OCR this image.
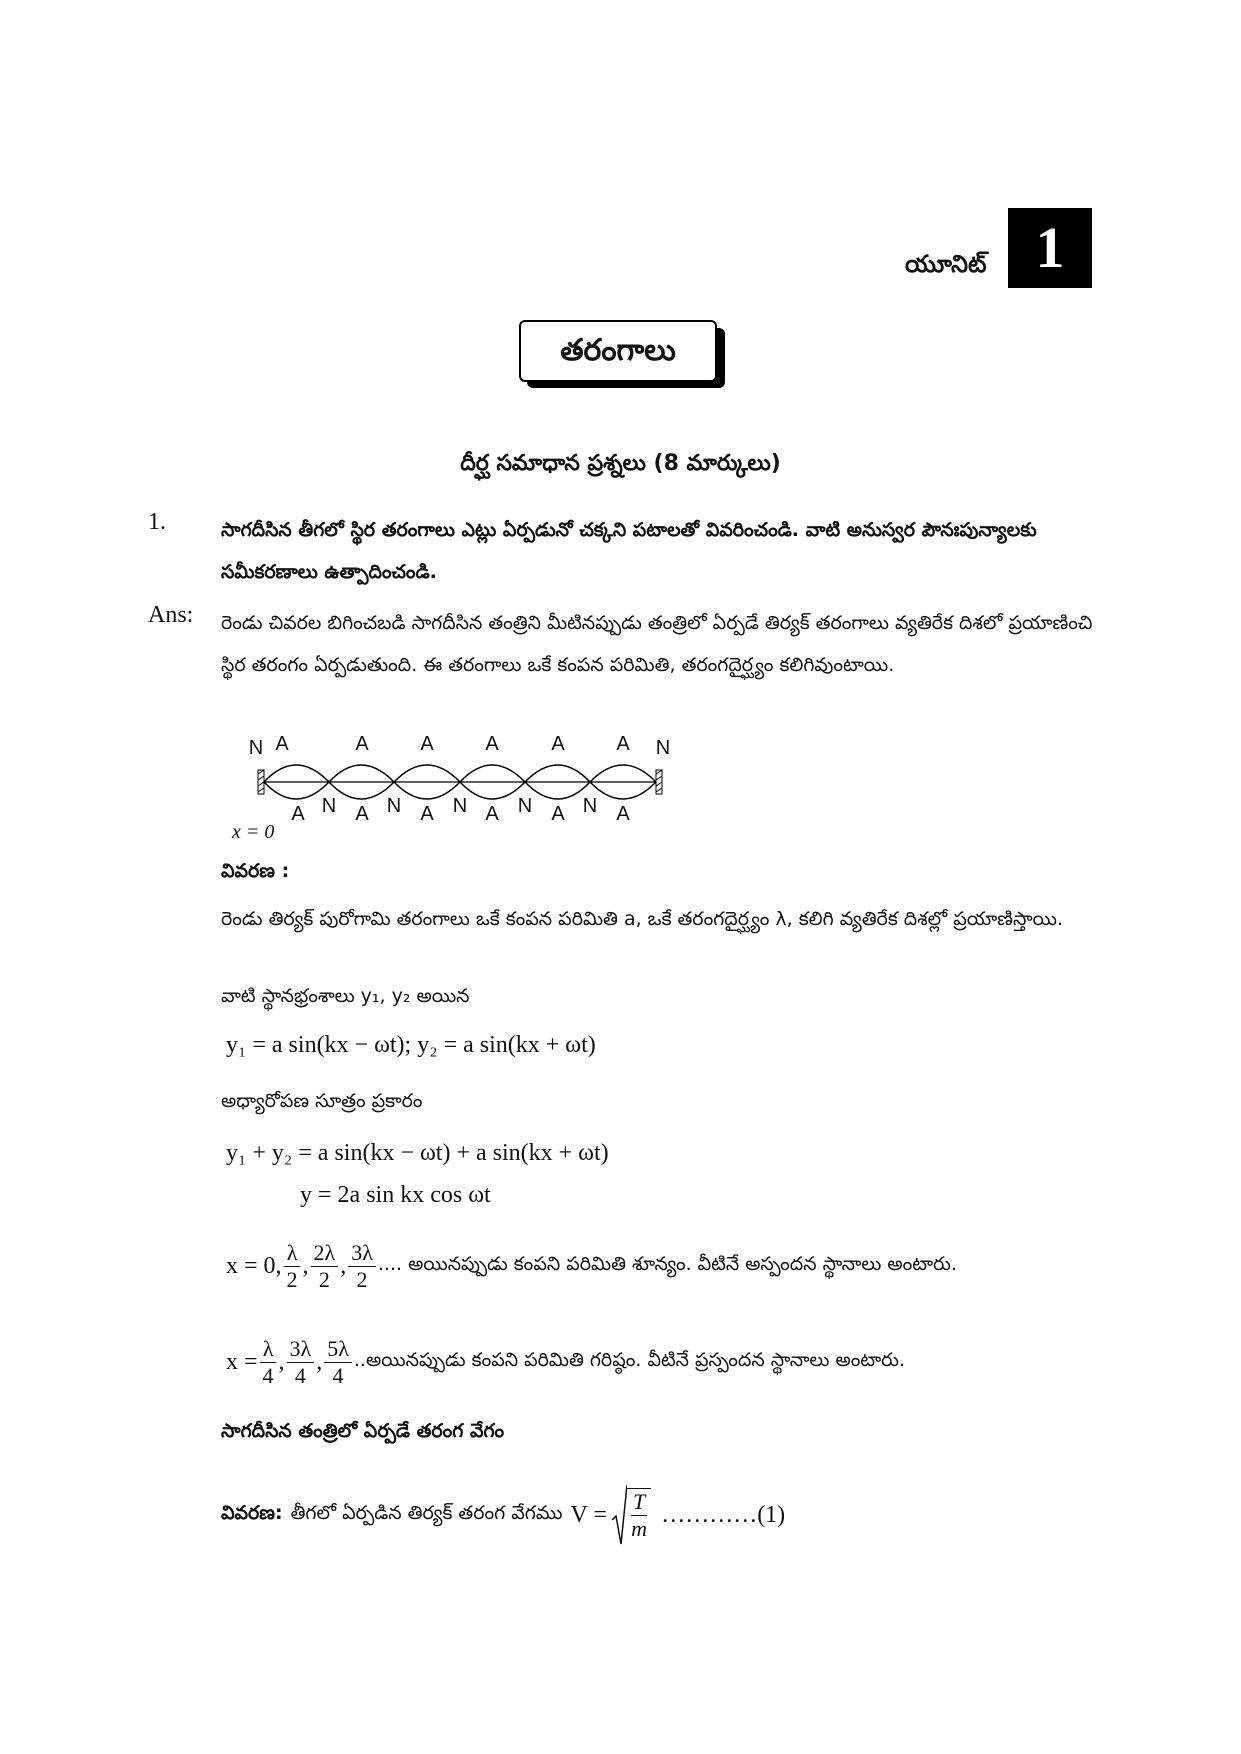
యూనిట్ 1
తరంగాలు
దీర్ఘ సమాధాన ప్రశ్నలు (8 మార్కులు)
1.	సాగదీసిన తీగలో స్థిర తరంగాలు ఎట్లు ఏర్పడునో చక్కని పటాలతో వివరించండి. వాటి అనుస్వర పౌనఃపున్యాలకు సమీకరణాలు ఉత్పాదించండి.
Ans: రెండు చివరల బిగించబడి సాగదీసిన తంత్రిని మీటినప్పుడు తంత్రిలో ఏర్పడే తిర్యక్ తరంగాలు వ్యతిరేక దిశలో ప్రయాణించి స్థిర తరంగం ఏర్పడుతుంది. ఈ తరంగాలు ఒకే కంపన పరిమితి, తరంగదైర్ఘ్యం కలిగివుంటాయి.
N A	A	A	A	A	A N
A N A N A N A N A N A
x = 0
వివరణ :
రెండు తిర్యక్ పురోగామి తరంగాలు ఒకే కంపన పరిమితి a, ఒకే తరంగదైర్ఘ్యం λ, కలిగి వ్యతిరేక దిశల్లో ప్రయాణిస్తాయి.
వాటి స్థానభ్రంశాలు y₁, y₂ అయిన
y₁ = a sin(kx − ωt); y₂ = a sin(kx + ωt)
అధ్యారోపణ సూత్రం ప్రకారం
y₁ + y₂ = a sin(kx − ωt) + a sin(kx + ωt)
y = 2a sin kx cos ωt
x = 0, $\frac{\lambda}{2}$ , $\frac{2\lambda}{2}$ , $\frac{3\lambda}{2}$ .... అయినప్పుడు కంపని పరిమితి శూన్యం. వీటినే అస్పందన స్థానాలు అంటారు.
$x = \frac{\lambda}{4}$ , $\frac{3\lambda}{4}$ , $\frac{5\lambda}{4}$ ..అయినప్పుడు కంపని పరిమితి గరిష్ఠం. వీటినే ప్రస్పందన స్థానాలు అంటారు.
సాగదీసిన తంత్రిలో ఏర్పడే తరంగ వేగం
వివరణ: తీగలో ఏర్పడిన తిర్యక్ తరంగ వేగము $V = \frac{T}{m}$ …………(1)
